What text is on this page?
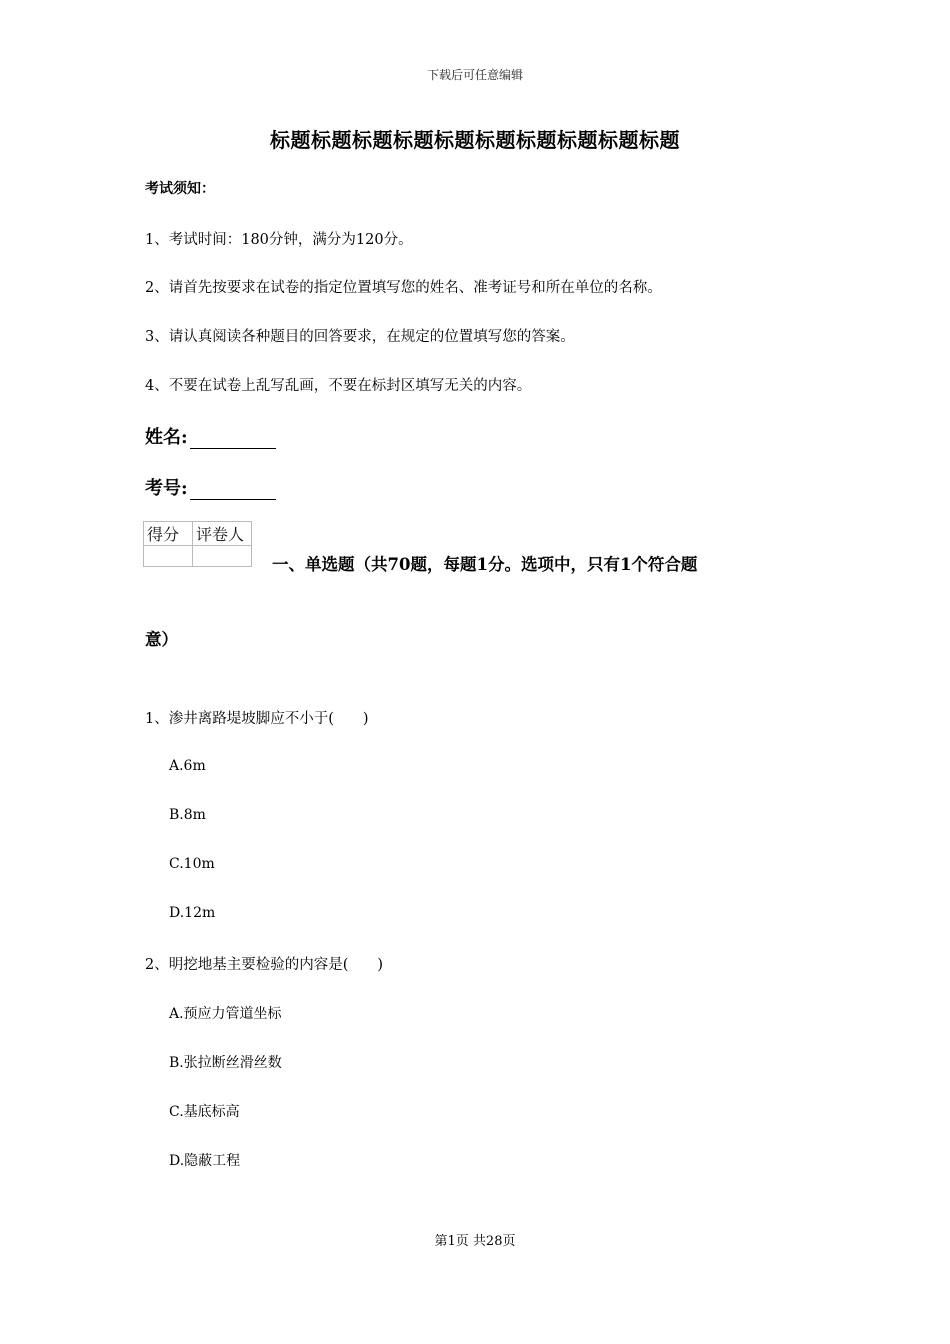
下载后可任意编辑
标题标题标题标题标题标题标题标题标题标题
考试须知：
1、考试时间：180分钟，满分为120分。
2、请首先按要求在试卷的指定位置填写您的姓名、准考证号和所在单位的名称。
3、请认真阅读各种题目的回答要求，在规定的位置填写您的答案。
4、不要在试卷上乱写乱画，不要在标封区填写无关的内容。
姓名:
考号:
得分	评卷人

一、单选题（共70题，每题1分。选项中，只有1个符合题
意）
1、渗井离路堤坡脚应不小于(　　)
A.6m
B.8m
C.10m
D.12m
2、明挖地基主要检验的内容是(　　)
A.预应力管道坐标
B.张拉断丝滑丝数
C.基底标高
D.隐蔽工程
第1页 共28页
